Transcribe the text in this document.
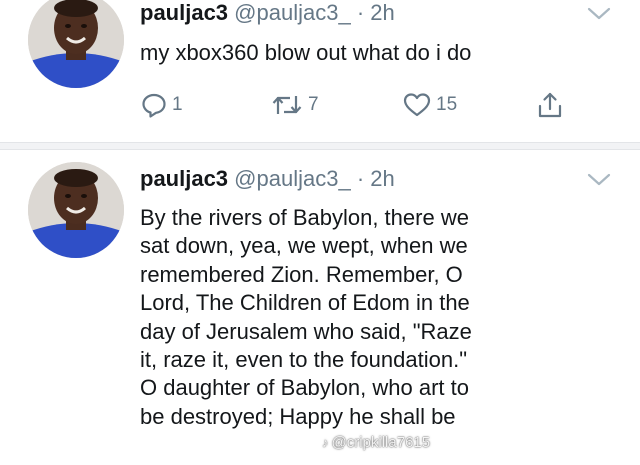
pauljac3 @pauljac3_ · 2h
my xbox360 blow out what do i do
1	7	15
pauljac3 @pauljac3_ · 2h
By the rivers of Babylon, there we
sat down, yea, we wept, when we
remembered Zion. Remember, O
Lord, The Children of Edom in the
day of Jerusalem who said, "Raze
it, raze it, even to the foundation."
O daughter of Babylon, who art to
be destroyed; Happy he shall be
♪ @cripkilla7615
